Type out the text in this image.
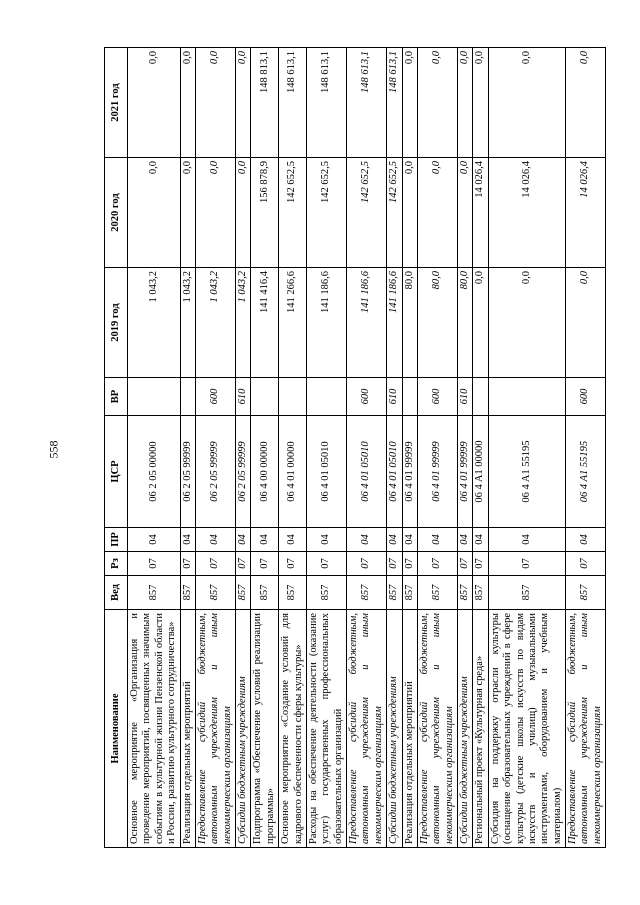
558
Наименование	Вед	Рз	ПР	ЦСР	ВР	2019 год	2020 год	2021 год
Основное мероприятие «Организация и проведение мероприятий, посвященных значимым событиям в культурной жизни Пензенской области и России, развитию культурного сотрудничества»	857	07	04	06 2 05 00000		1 043,2	0,0	0,0
Реализация отдельных мероприятий	857	07	04	06 2 05 99999		1 043,2	0,0	0,0
Предоставление субсидий бюджетным, автономным учреждениям и иным некоммерческим организациям	857	07	04	06 2 05 99999	600	1 043,2	0,0	0,0
Субсидии бюджетным учреждениям	857	07	04	06 2 05 99999	610	1 043,2	0,0	0,0
Подпрограмма «Обеспечение условий реализации программы»	857	07	04	06 4 00 00000		141 416,4	156 878,9	148 813,1
Основное мероприятие «Создание условий для кадрового обеспеченности сферы культуры»	857	07	04	06 4 01 00000		141 266,6	142 652,5	148 613,1
Расходы на обеспечение деятельности (оказание услуг) государственных профессиональных образовательных организаций	857	07	04	06 4 01 05010		141 186,6	142 652,5	148 613,1
Предоставление субсидий бюджетным, автономным учреждениям и иным некоммерческим организациям	857	07	04	06 4 01 05010	600	141 186,6	142 652,5	148 613,1
Субсидии бюджетным учреждениям	857	07	04	06 4 01 05010	610	141 186,6	142 652,5	148 613,1
Реализация отдельных мероприятий	857	07	04	06 4 01 99999		80,0	0,0	0,0
Предоставление субсидий бюджетным, автономным учреждениям и иным некоммерческим организациям	857	07	04	06 4 01 99999	600	80,0	0,0	0,0
Субсидии бюджетным учреждениям	857	07	04	06 4 01 99999	610	80,0	0,0	0,0
Региональный проект «Культурная среда»	857	07	04	06 4 A1 00000		0,0	14 026,4	0,0
Субсидия на поддержку отрасли культуры (оснащение образовательных учреждений в сфере культуры (детские школы искусств по видам искусств и училищ) музыкальными инструментами, оборудованием и учебным материалом)	857	07	04	06 4 A1 55195		0,0	14 026,4	0,0
Предоставление субсидий бюджетным, автономным учреждениям и иным некоммерческим организациям	857	07	04	06 4 A1 55195	600	0,0	14 026,4	0,0
